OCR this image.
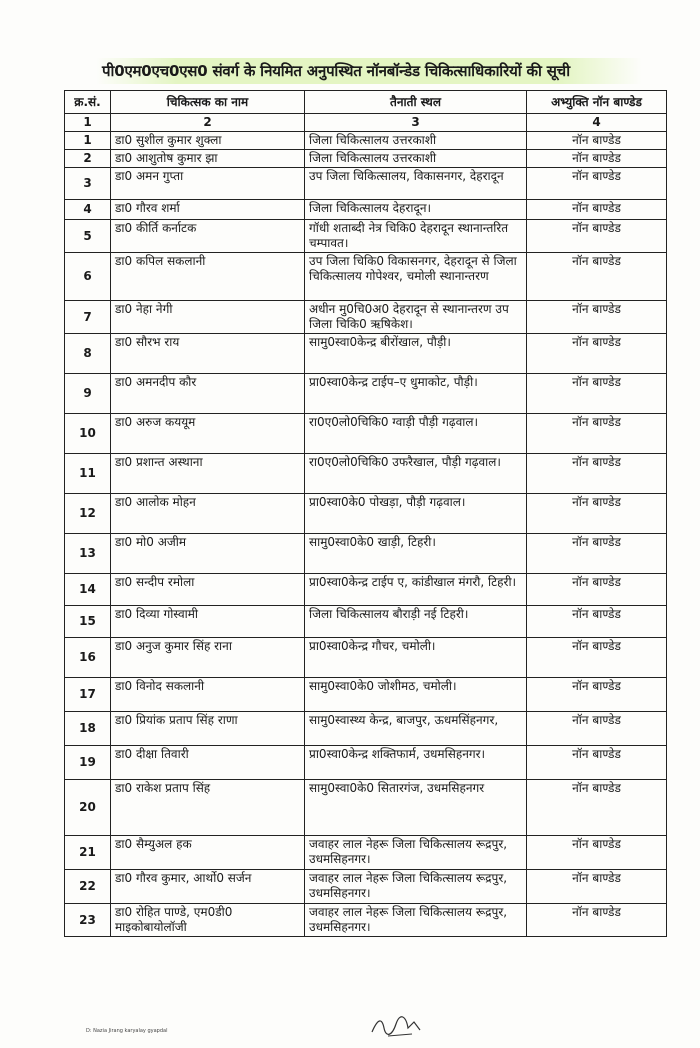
पी0एम0एच0एस0 संवर्ग के नियमित अनुपस्थित नॉनबॉन्डेड चिकित्साधिकारियों की सूची
क्र.सं.	चिकित्सक का नाम	तैनाती स्थल	अभ्युक्ति नॉन बाण्डेड
1	2	3	4
1	डा0 सुशील कुमार शुक्ला	जिला चिकित्सालय उत्तरकाशी	नॉन बाण्डेड
2	डा0 आशुतोष कुमार झा	जिला चिकित्सालय उत्तरकाशी	नॉन बाण्डेड
3	डा0 अमन गुप्ता	उप जिला चिकित्सालय, विकासनगर, देहरादून	नॉन बाण्डेड
4	डा0 गौरव शर्मा	जिला चिकित्सालय देहरादून।	नॉन बाण्डेड
5	डा0 कीर्ति कर्नाटक	गॉधी शताब्दी नेत्र चिकि0 देहरादून स्थानान्तरित चम्पावत।	नॉन बाण्डेड
6	डा0 कपिल सकलानी	उप जिला चिकि0 विकासनगर, देहरादून से जिला चिकित्सालय गोपेश्वर, चमोली स्थानान्तरण	नॉन बाण्डेड
7	डा0 नेहा नेगी	अधीन मु0चि0अ0 देहरादून से स्थानान्तरण उप जिला चिकि0 ऋषिकेश।	नॉन बाण्डेड
8	डा0 सौरभ राय	सामु0स्वा0केन्द्र बीरोंखाल, पौड़ी।	नॉन बाण्डेड
9	डा0 अमनदीप कौर	प्रा0स्वा0केन्द्र टाईप–ए धुमाकोट, पौड़ी।	नॉन बाण्डेड
10	डा0 अरुज कययूम	रा0ए0लो0चिकि0 ग्वाड़ी पौड़ी गढ़वाल।	नॉन बाण्डेड
11	डा0 प्रशान्त अस्थाना	रा0ए0लो0चिकि0 उफरैखाल, पौड़ी गढ़वाल।	नॉन बाण्डेड
12	डा0 आलोक मोहन	प्रा0स्वा0के0 पोखड़ा, पौड़ी गढ़वाल।	नॉन बाण्डेड
13	डा0 मो0 अजीम	सामु0स्वा0के0 खाड़ी, टिहरी।	नॉन बाण्डेड
14	डा0 सन्दीप रमोला	प्रा0स्वा0केन्द्र टाईप ए, कांडीखाल मंगरौ, टिहरी।	नॉन बाण्डेड
15	डा0 दिव्या गोस्वामी	जिला चिकित्सालय बौराड़ी नई टिहरी।	नॉन बाण्डेड
16	डा0 अनुज कुमार सिंह राना	प्रा0स्वा0केन्द्र गौचर, चमोली।	नॉन बाण्डेड
17	डा0 विनोद सकलानी	सामु0स्वा0के0 जोशीमठ, चमोली।	नॉन बाण्डेड
18	डा0 प्रियांक प्रताप सिंह राणा	सामु0स्वास्थ्य केन्द्र, बाजपुर, ऊधमसिंहनगर,	नॉन बाण्डेड
19	डा0 दीक्षा तिवारी	प्रा0स्वा0केन्द्र शक्तिफार्म, उधमसिहनगर।	नॉन बाण्डेड
20	डा0 राकेश प्रताप सिंह	सामु0स्वा0के0 सितारगंज, उधमसिहनगर	नॉन बाण्डेड
21	डा0 सैम्युअल हक	जवाहर लाल नेहरू जिला चिकित्सालय रूद्रपुर, उधमसिहनगर।	नॉन बाण्डेड
22	डा0 गौरव कुमार, आर्थो0 सर्जन	जवाहर लाल नेहरू जिला चिकित्सालय रूद्रपुर, उधमसिहनगर।	नॉन बाण्डेड
23	डा0 रोहित पाण्डे, एम0डी0 माइकोबायोलॉजी	जवाहर लाल नेहरू जिला चिकित्सालय रूद्रपुर, उधमसिहनगर।	नॉन बाण्डेड
D: Nazia Jirang karyalay gyapdal
